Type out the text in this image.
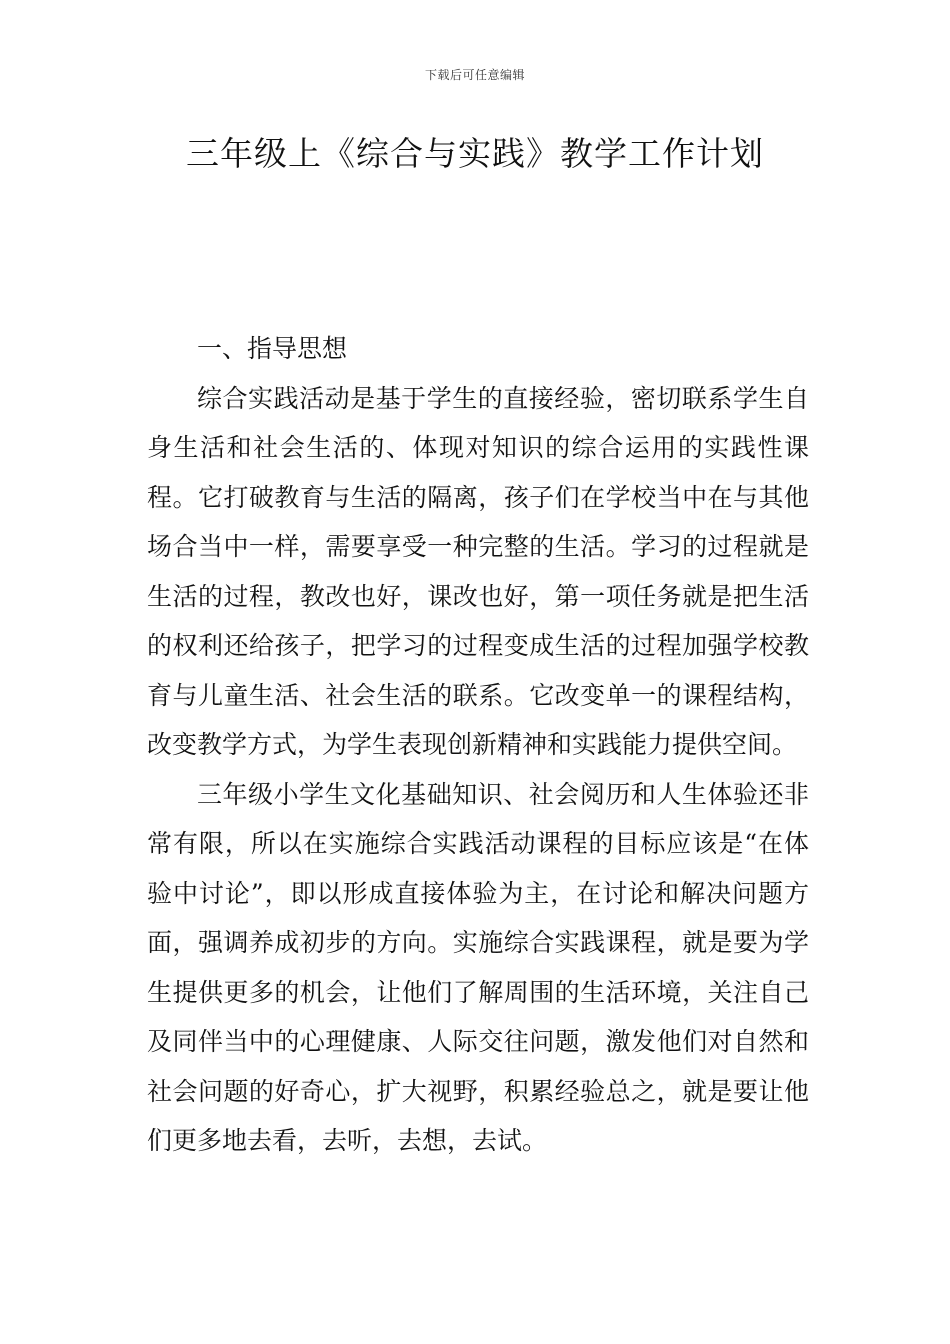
下载后可任意编辑
三年级上《综合与实践》教学工作计划
一、指导思想

综合实践活动是基于学生的直接经验，密切联系学生自身生活和社会生活的、体现对知识的综合运用的实践性课程。它打破教育与生活的隔离，孩子们在学校当中在与其他场合当中一样，需要享受一种完整的生活。学习的过程就是生活的过程，教改也好，课改也好，第一项任务就是把生活的权利还给孩子，把学习的过程变成生活的过程加强学校教育与儿童生活、社会生活的联系。它改变单一的课程结构，改变教学方式，为学生表现创新精神和实践能力提供空间。

三年级小学生文化基础知识、社会阅历和人生体验还非常有限，所以在实施综合实践活动课程的目标应该是“在体验中讨论”，即以形成直接体验为主，在讨论和解决问题方面，强调养成初步的方向。实施综合实践课程，就是要为学生提供更多的机会，让他们了解周围的生活环境，关注自己及同伴当中的心理健康、人际交往问题，激发他们对自然和社会问题的好奇心，扩大视野，积累经验总之，就是要让他们更多地去看，去听，去想，去试。
